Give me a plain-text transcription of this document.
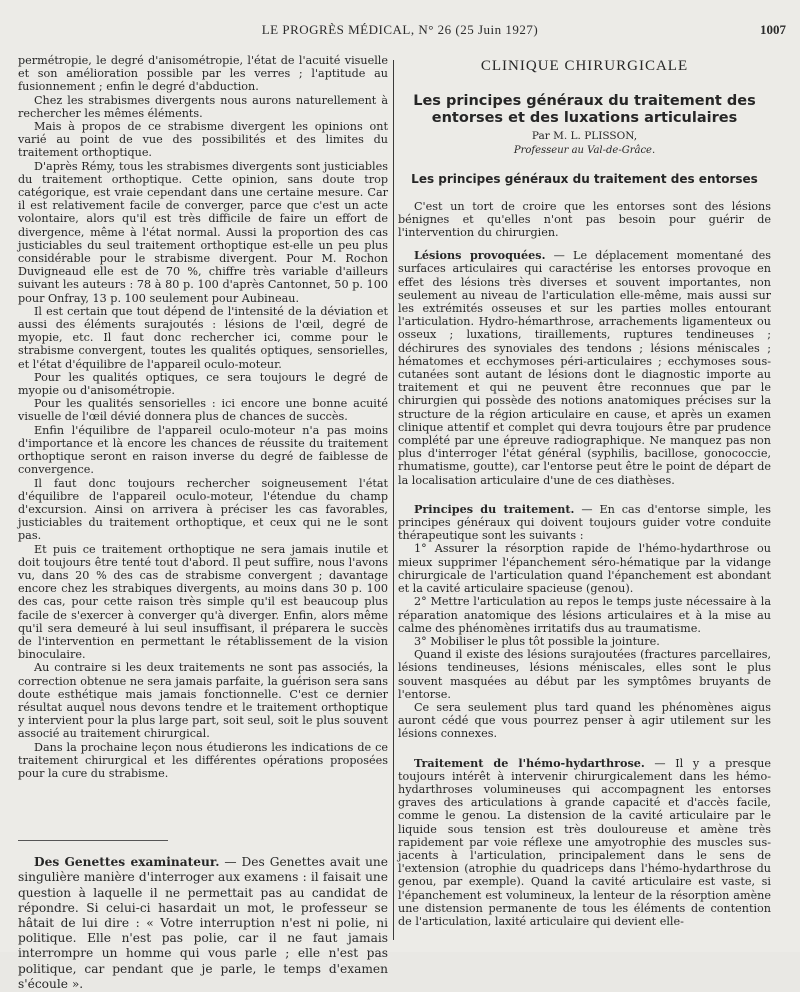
LE PROGRÈS MÉDICAL, N° 26 (25 Juin 1927)	1007

permétropie, le degré d'anisométropie, l'état de l'acuité visuelle et son amélioration possible par les verres ; l'aptitude au fusionnement ; enfin le degré d'abduction.

Chez les strabismes divergents nous aurons naturellement à rechercher les mêmes éléments.

Mais à propos de ce strabisme divergent les opinions ont varié au point de vue des possibilités et des limites du traitement orthoptique.

D'après Rémy, tous les strabismes divergents sont justiciables du traitement orthoptique. Cette opinion, sans doute trop catégorique, est vraie cependant dans une certaine mesure. Car il est relativement facile de converger, parce que c'est un acte volontaire, alors qu'il est très difficile de faire un effort de divergence, même à l'état normal. Aussi la proportion des cas justiciables du seul traitement orthoptique est-elle un peu plus considérable pour le strabisme divergent. Pour M. Rochon Duvigneaud elle est de 70 %, chiffre très variable d'ailleurs suivant les auteurs : 78 à 80 p. 100 d'après Cantonnet, 50 p. 100 pour Onfray, 13 p. 100 seulement pour Aubineau.

Il est certain que tout dépend de l'intensité de la déviation et aussi des éléments surajoutés : lésions de l'œil, degré de myopie, etc. Il faut donc rechercher ici, comme pour le strabisme convergent, toutes les qualités optiques, sensorielles, et l'état d'équilibre de l'appareil oculo-moteur.

Pour les qualités optiques, ce sera toujours le degré de myopie ou d'anisométropie.

Pour les qualités sensorielles : ici encore une bonne acuité visuelle de l'œil dévié donnera plus de chances de succès.

Enfin l'équilibre de l'appareil oculo-moteur n'a pas moins d'importance et là encore les chances de réussite du traitement orthoptique seront en raison inverse du degré de faiblesse de convergence.

Il faut donc toujours rechercher soigneusement l'état d'équilibre de l'appareil oculo-moteur, l'étendue du champ d'excursion. Ainsi on arrivera à préciser les cas favorables, justiciables du traitement orthoptique, et ceux qui ne le sont pas.

Et puis ce traitement orthoptique ne sera jamais inutile et doit toujours être tenté tout d'abord. Il peut suffire, nous l'avons vu, dans 20 % des cas de strabisme convergent ; davantage encore chez les strabiques divergents, au moins dans 30 p. 100 des cas, pour cette raison très simple qu'il est beaucoup plus facile de s'exercer à converger qu'à diverger. Enfin, alors même qu'il sera demeuré à lui seul insuffisant, il préparera le succès de l'intervention en permettant le rétablissement de la vision binoculaire.

Au contraire si les deux traitements ne sont pas associés, la correction obtenue ne sera jamais parfaite, la guérison sera sans doute esthétique mais jamais fonctionnelle. C'est ce dernier résultat auquel nous devons tendre et le traitement orthoptique y intervient pour la plus large part, soit seul, soit le plus souvent associé au traitement chirurgical.

Dans la prochaine leçon nous étudierons les indications de ce traitement chirurgical et les différentes opérations proposées pour la cure du strabisme.

Des Genettes examinateur. — Des Genettes avait une singulière manière d'interroger aux examens : il faisait une question à laquelle il ne permettait pas au candidat de répondre. Si celui-ci hasardait un mot, le professeur se hâtait de lui dire : « Votre interruption n'est ni polie, ni politique. Elle n'est pas polie, car il ne faut jamais interrompre un homme qui vous parle ; elle n'est pas politique, car pendant que je parle, le temps d'examen s'écoule ».

CLINIQUE CHIRURGICALE
Les principes généraux du traitement des entorses et des luxations articulaires
Par M. L. PLISSON,
Professeur au Val-de-Grâce.
Les principes généraux du traitement des entorses

C'est un tort de croire que les entorses sont des lésions bénignes et qu'elles n'ont pas besoin pour guérir de l'intervention du chirurgien.

Lésions provoquées. — Le déplacement momentané des surfaces articulaires qui caractérise les entorses provoque en effet des lésions très diverses et souvent importantes, non seulement au niveau de l'articulation elle-même, mais aussi sur les extrémités osseuses et sur les parties molles entourant l'articulation. Hydro-hémarthrose, arrachements ligamenteux ou osseux ; luxations, tiraillements, ruptures tendineuses ; déchirures des synoviales des tendons ; lésions méniscales ; hématomes et ecchymoses péri-articulaires ; ecchymoses sous-cutanées sont autant de lésions dont le diagnostic importe au traitement et qui ne peuvent être reconnues que par le chirurgien qui possède des notions anatomiques précises sur la structure de la région articulaire en cause, et après un examen clinique attentif et complet qui devra toujours être par prudence complété par une épreuve radiographique. Ne manquez pas non plus d'interroger l'état général (syphilis, bacillose, gonococcie, rhumatisme, goutte), car l'entorse peut être le point de départ de la localisation articulaire d'une de ces diathèses.

Principes du traitement. — En cas d'entorse simple, les principes généraux qui doivent toujours guider votre conduite thérapeutique sont les suivants :

1° Assurer la résorption rapide de l'hémo-hydarthrose ou mieux supprimer l'épanchement séro-hématique par la vidange chirurgicale de l'articulation quand l'épanchement est abondant et la cavité articulaire spacieuse (genou).

2° Mettre l'articulation au repos le temps juste nécessaire à la réparation anatomique des lésions articulaires et à la mise au calme des phénomènes irritatifs dus au traumatisme.

3° Mobiliser le plus tôt possible la jointure.

Quand il existe des lésions surajoutées (fractures parcellaires, lésions tendineuses, lésions méniscales, elles sont le plus souvent masquées au début par les symptômes bruyants de l'entorse.

Ce sera seulement plus tard quand les phénomènes aigus auront cédé que vous pourrez penser à agir utilement sur les lésions connexes.

Traitement de l'hémo-hydarthrose. — Il y a presque toujours intérêt à intervenir chirurgicalement dans les hémo-hydarthroses volumineuses qui accompagnent les entorses graves des articulations à grande capacité et d'accès facile, comme le genou. La distension de la cavité articulaire par le liquide sous tension est très douloureuse et amène très rapidement par voie réflexe une amyotrophie des muscles sus-jacents à l'articulation, principalement dans le sens de l'extension (atrophie du quadriceps dans l'hémo-hydarthrose du genou, par exemple). Quand la cavité articulaire est vaste, si l'épanchement est volumineux, la lenteur de la résorption amène une distension permanente de tous les éléments de contention de l'articulation, laxité articulaire qui devient elle-
